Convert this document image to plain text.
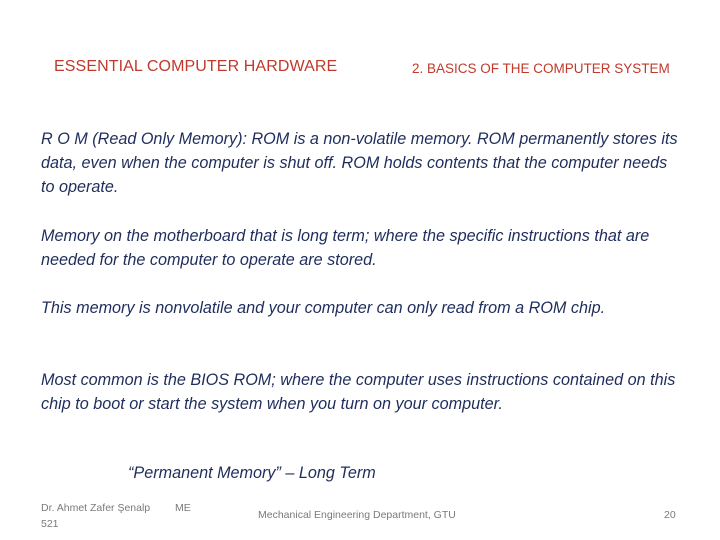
ESSENTIAL COMPUTER HARDWARE	2. BASICS OF THE COMPUTER SYSTEM

R O M (Read Only Memory): ROM is a non-volatile memory. ROM permanently stores its data, even when the computer is shut off. ROM holds contents that the computer needs to operate.

Memory on the motherboard that is long term; where the specific instructions that are needed for the computer to operate are stored.

This memory is nonvolatile and your computer can only read from a ROM chip.

Most common is the BIOS ROM; where the computer uses instructions contained on this chip to boot or start the system when you turn on your computer.

“Permanent Memory” – Long Term
Dr. Ahmet Zafer Şenalp
521
ME
Mechanical Engineering Department, GTU	20
